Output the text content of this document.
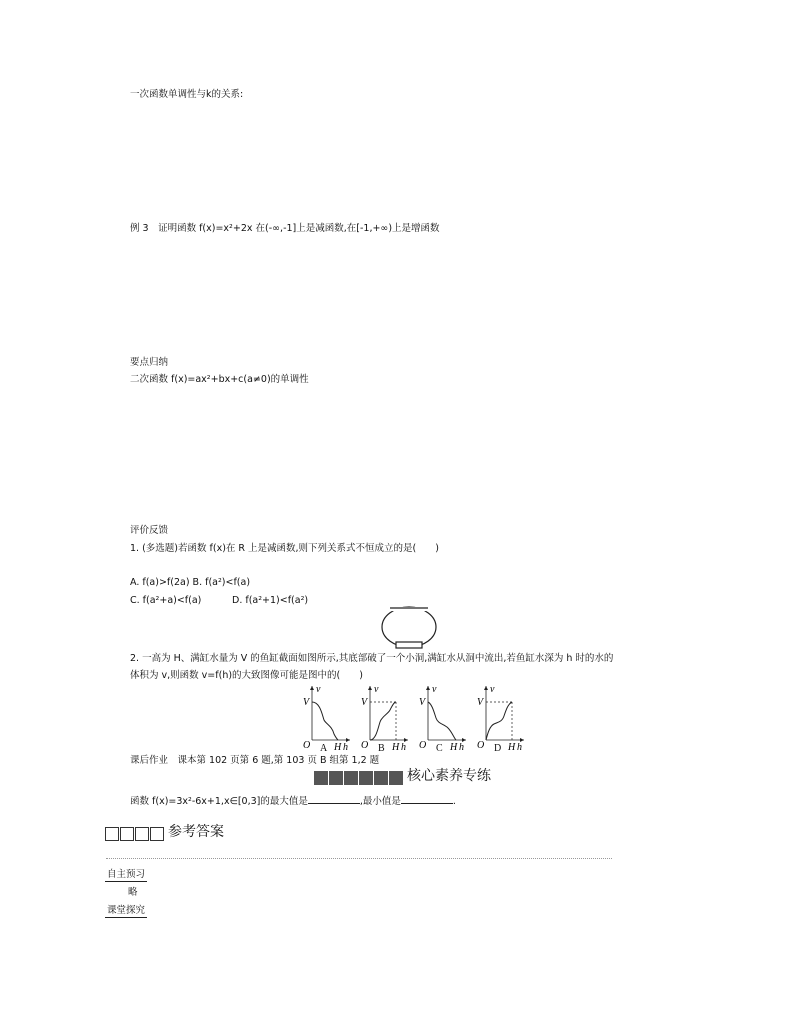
一次函数单调性与k的关系:
例 3　证明函数 f(x)=x²+2x 在(-∞,-1]上是减函数,在[-1,+∞)上是增函数
要点归纳
二次函数 f(x)=ax²+bx+c(a≠0)的单调性
评价反馈
1. (多选题)若函数 f(x)在 R 上是减函数,则下列关系式不恒成立的是(　　)
A. f(a)>f(2a) B. f(a²)<f(a)
C. f(a²+a)<f(a)	D. f(a²+1)<f(a²)
2. 一高为 H、满缸水量为 V 的鱼缸截面如图所示,其底部破了一个小洞,满缸水从洞中流出,若鱼缸水深为 h 时的水的
体积为 v,则函数 v=f(h)的大致图像可能是图中的(　　)
v
V
O H h
A
v
V
O H h
B
v
V
O H h
C
v
V
O H h
D
课后作业　课本第 102 页第 6 题,第 103 页 B 组第 1,2 题
核心素养专练
函数 f(x)=3x²-6x+1,x∈[0,3]的最大值是	,最小值是	.
参考答案
自主预习
略
课堂探究
